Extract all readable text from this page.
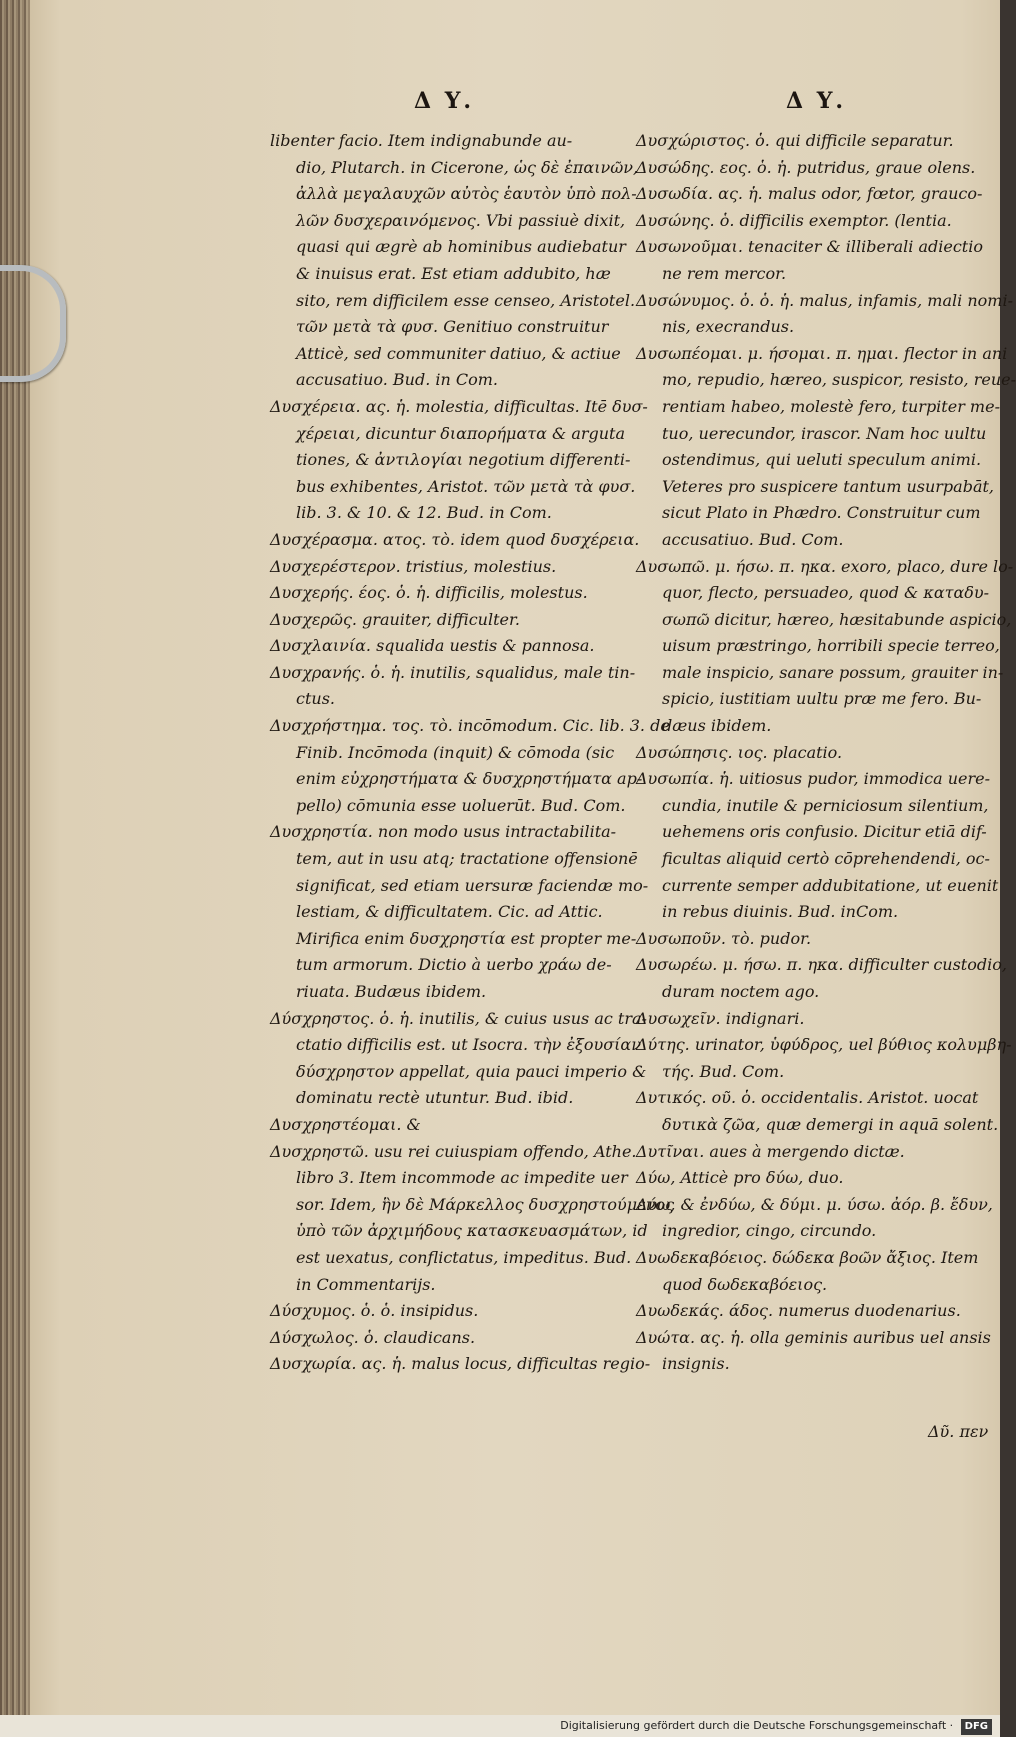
Δ Υ.	Δ Υ.
libenter facio. Item indignabunde au-
dio, Plutarch. in Cicerone, ὡς δὲ ἐπαινῶν,
ἀλλὰ μεγαλαυχῶν αὐτὸς ἑαυτὸν ὑπὸ πολ-
λῶν δυσχεραινόμενος. Vbi passiuè dixit,
quasi qui ægrè ab hominibus audiebatur
& inuisus erat. Est etiam addubito, hæ
sito, rem difficilem esse censeo, Aristotel.
τῶν μετὰ τὰ φυσ. Genitiuo construitur
Atticè, sed communiter datiuo, & actiue
accusatiuo. Bud. in Com.
Δυσχέρεια. ας. ἡ. molestia, difficultas. Itē δυσ-
χέρειαι, dicuntur διαπορήματα & arguta
tiones, & ἀντιλογίαι negotium differenti-
bus exhibentes, Aristot. τῶν μετὰ τὰ φυσ.
lib. 3. & 10. & 12. Bud. in Com.
Δυσχέρασμα. ατος. τὸ. idem quod δυσχέρεια.
Δυσχερέστερον. tristius, molestius.
Δυσχερής. έος. ὁ. ἡ. difficilis, molestus.
Δυσχερῶς. grauiter, difficulter.
Δυσχλαινία. squalida uestis & pannosa.
Δυσχρανής. ὁ. ἡ. inutilis, squalidus, male tin-
ctus.
Δυσχρήστημα. τος. τὸ. incōmodum. Cic. lib. 3. de
Finib. Incōmoda (inquit) & cōmoda (sic
enim εὐχρηστήματα & δυσχρηστήματα ap-
pello) cōmunia esse uoluerūt. Bud. Com.
Δυσχρηστία. non modo usus intractabilita-
tem, aut in usu atq; tractatione offensionē
significat, sed etiam uersuræ faciendæ mo-
lestiam, & difficultatem. Cic. ad Attic.
Mirifica enim δυσχρηστία est propter me-
tum armorum. Dictio à uerbo χράω de-
riuata. Budæus ibidem.
Δύσχρηστος. ὁ. ἡ. inutilis, & cuius usus ac tra-
ctatio difficilis est. ut Isocra. τὴν ἐξουσίαν
δύσχρηστον appellat, quia pauci imperio &
dominatu rectè utuntur. Bud. ibid.
Δυσχρηστέομαι. &
Δυσχρηστῶ. usu rei cuiuspiam offendo, Athe.
libro 3. Item incommode ac impedite uer
sor. Idem, ἣν δὲ Μάρκελλος δυσχρηστούμενος
ὑπὸ τῶν ἀρχιμήδους κατασκευασμάτων, id
est uexatus, conflictatus, impeditus. Bud.
in Commentarijs.
Δύσχυμος. ὁ. ὁ. insipidus.
Δύσχωλος. ὁ. claudicans.
Δυσχωρία. ας. ἡ. malus locus, difficultas regio-
Δυσχώριστος. ὁ. qui difficile separatur.
Δυσώδης. εος. ὁ. ἡ. putridus, graue olens.
Δυσωδία. ας. ἡ. malus odor, fœtor, grauco-
Δυσώνης. ὁ. difficilis exemptor. (lentia.
Δυσωνοῦμαι. tenaciter & illiberali adiectio
ne rem mercor.
Δυσώνυμος. ὁ. ὁ. ἡ. malus, infamis, mali nomi-
nis, execrandus.
Δυσωπέομαι. μ. ήσομαι. π. ημαι. flector in ani
mo, repudio, hæreo, suspicor, resisto, reue-
rentiam habeo, molestè fero, turpiter me-
tuo, uerecundor, irascor. Nam hoc uultu
ostendimus, qui ueluti speculum animi.
Veteres pro suspicere tantum usurpabāt,
sicut Plato in Phædro. Construitur cum
accusatiuo. Bud. Com.
Δυσωπῶ. μ. ήσω. π. ηκα. exoro, placo, dure lo-
quor, flecto, persuadeo, quod & καταδυ-
σωπῶ dicitur, hæreo, hæsitabunde aspicio,
uisum præstringo, horribili specie terreo,
male inspicio, sanare possum, grauiter in-
spicio, iustitiam uultu præ me fero. Bu-
dæus ibidem.
Δυσώπησις. ιος. placatio.
Δυσωπία. ἡ. uitiosus pudor, immodica uere-
cundia, inutile & perniciosum silentium,
uehemens oris confusio. Dicitur etiā dif-
ficultas aliquid certò cōprehendendi, oc-
currente semper addubitatione, ut euenit
in rebus diuinis. Bud. inCom.
Δυσωποῦν. τὸ. pudor.
Δυσωρέω. μ. ήσω. π. ηκα. difficulter custodio,
duram noctem ago.
Δυσωχεῖν. indignari.
Δύτης. urinator, ὑφύδρος, uel βύθιος κολυμβη-
τής. Bud. Com.
Δυτικός. οῦ. ὁ. occidentalis. Aristot. uocat
δυτικὰ ζῶα, quæ demergi in aquā solent.
Δυτῖναι. aues à mergendo dictæ.
Δύω, Atticè pro δύω, duo.
Δύω, & ἐνδύω, & δύμι. μ. ύσω. ἀόρ. β. ἔδυν,
ingredior, cingo, circundo.
Δυωδεκαβόειος. δώδεκα βοῶν ἄξιος. Item
quod δωδεκαβόειος.
Δυωδεκάς. άδος. numerus duodenarius.
Δυώτα. ας. ἡ. olla geminis auribus uel ansis
insignis.
Δῦ. πεν
Digitalisierung gefördert durch die Deutsche Forschungsgemeinschaft · DFG
